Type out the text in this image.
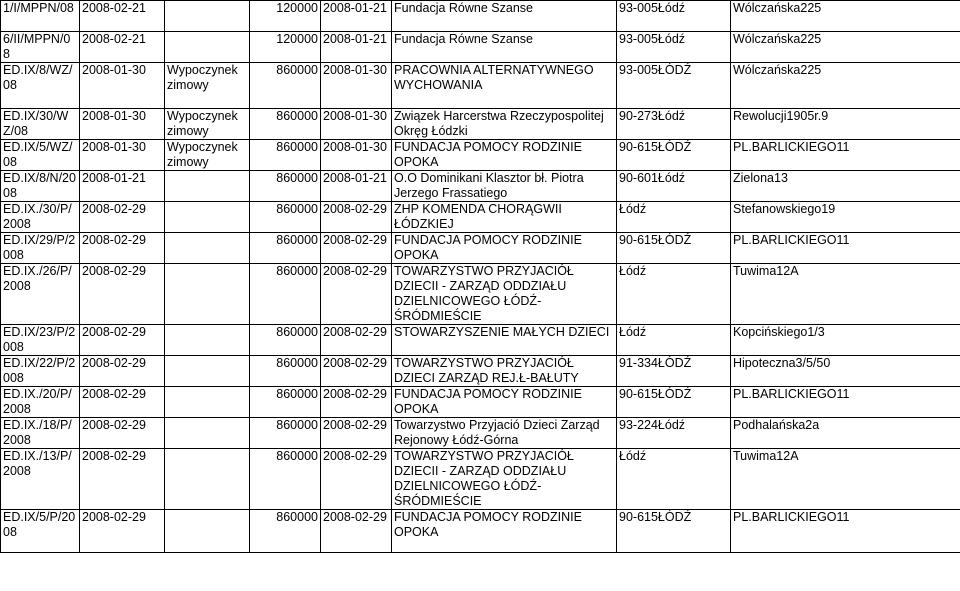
1/I/MPPN/08	2008-02-21		120000	2008-01-21	Fundacja Równe Szanse	93-005Łódź	Wólczańska225
6/II/MPPN/08	2008-02-21		120000	2008-01-21	Fundacja Równe Szanse	93-005Łódź	Wólczańska225
ED.IX/8/WZ/08	2008-01-30	Wypoczynek zimowy	860000	2008-01-30	PRACOWNIA ALTERNATYWNEGO WYCHOWANIA	93-005ŁÓDŹ	Wólczańska225
ED.IX/30/WZ/08	2008-01-30	Wypoczynek zimowy	860000	2008-01-30	Związek Harcerstwa Rzeczypospolitej Okręg Łódzki	90-273Łódź	Rewolucji1905r.9
ED.IX/5/WZ/08	2008-01-30	Wypoczynek zimowy	860000	2008-01-30	FUNDACJA POMOCY RODZINIE OPOKA	90-615ŁÓDŹ	PL.BARLICKIEGO11
ED.IX/8/N/2008	2008-01-21		860000	2008-01-21	O.O Dominikani Klasztor bł. Piotra Jerzego Frassatiego	90-601Łódź	Zielona13
ED.IX./30/P/2008	2008-02-29		860000	2008-02-29	ZHP KOMENDA CHORĄGWII ŁÓDZKIEJ	Łódź	Stefanowskiego19
ED.IX/29/P/2008	2008-02-29		860000	2008-02-29	FUNDACJA POMOCY RODZINIE OPOKA	90-615ŁÓDŹ	PL.BARLICKIEGO11
ED.IX./26/P/2008	2008-02-29		860000	2008-02-29	TOWARZYSTWO PRZYJACIÓŁ DZIECII - ZARZĄD ODDZIAŁU DZIELNICOWEGO ŁÓDŹ-ŚRÓDMIEŚCIE	Łódź	Tuwima12A
ED.IX/23/P/2008	2008-02-29		860000	2008-02-29	STOWARZYSZENIE MAŁYCH DZIECI	Łódź	Kopcińskiego1/3
ED.IX/22/P/2008	2008-02-29		860000	2008-02-29	TOWARZYSTWO PRZYJACIÓŁ DZIECI ZARZĄD REJ.Ł-BAŁUTY	91-334ŁÓDŹ	Hipoteczna3/5/50
ED.IX./20/P/2008	2008-02-29		860000	2008-02-29	FUNDACJA POMOCY RODZINIE OPOKA	90-615ŁÓDŹ	PL.BARLICKIEGO11
ED.IX./18/P/2008	2008-02-29		860000	2008-02-29	Towarzystwo Przyjació Dzieci Zarząd Rejonowy Łódź-Górna	93-224Łódź	Podhalańska2a
ED.IX./13/P/2008	2008-02-29		860000	2008-02-29	TOWARZYSTWO PRZYJACIÓŁ DZIECII - ZARZĄD ODDZIAŁU DZIELNICOWEGO ŁÓDŹ-ŚRÓDMIEŚCIE	Łódź	Tuwima12A
ED.IX/5/P/2008	2008-02-29		860000	2008-02-29	FUNDACJA POMOCY RODZINIE OPOKA	90-615ŁÓDŹ	PL.BARLICKIEGO11
